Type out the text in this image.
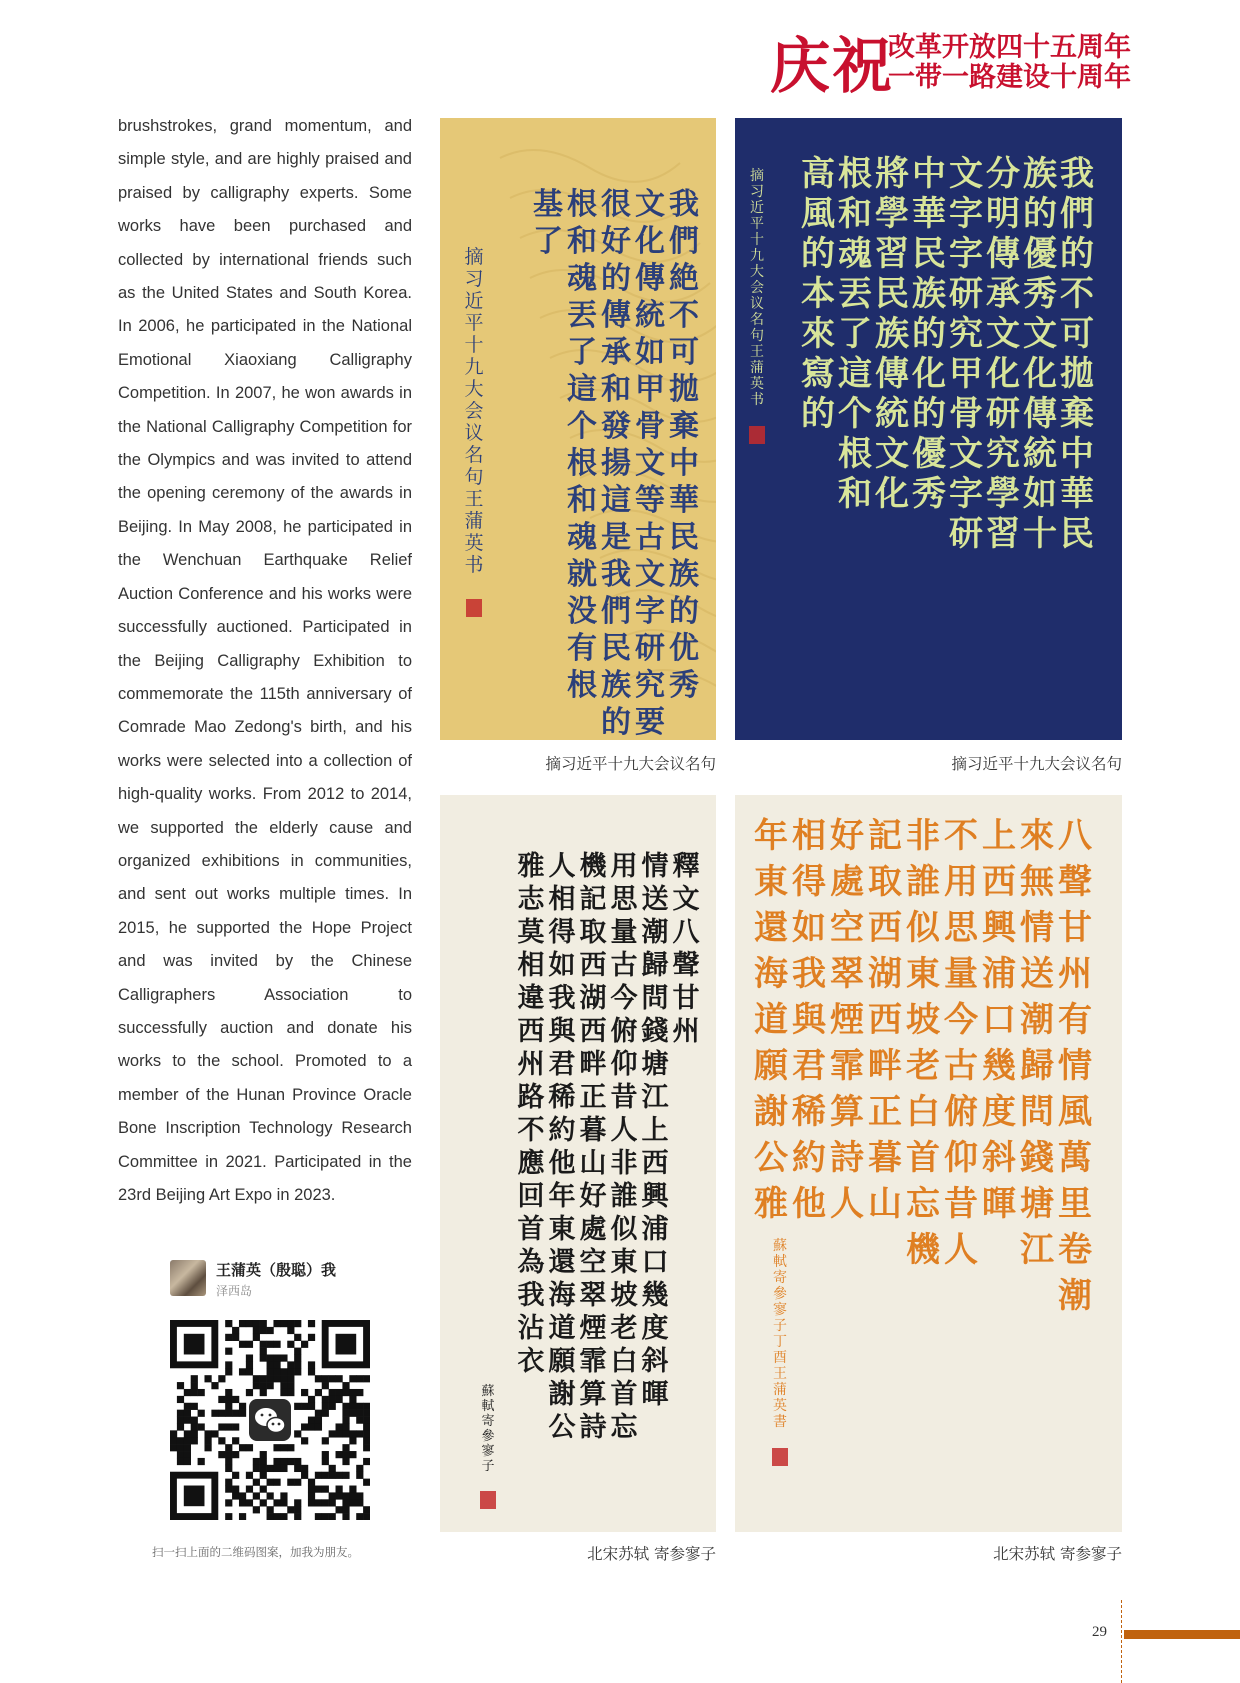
庆祝
改革开放四十五周年
一带一路建设十周年
brushstrokes, grand momentum, and simple style, and are highly praised and praised by calligraphy experts. Some works have been purchased and collected by international friends such as the United States and South Korea. In 2006, he participated in the National Emotional Xiaoxiang Calligraphy Competition. In 2007, he won awards in the National Calligraphy Competition for the Olympics and was invited to attend the opening ceremony of the awards in Beijing. In May 2008, he participated in the Wenchuan Earthquake Relief Auction Conference and his works were successfully auctioned. Participated in the Beijing Calligraphy Exhibition to commemorate the 115th anniversary of Comrade Mao Zedong's birth, and his works were selected into a collection of high-quality works. From 2012 to 2014, we supported the elderly cause and organized exhibitions in communities, and sent out works multiple times. In 2015, he supported the Hope Project and was invited by the Chinese Calligraphers Association to successfully auction and donate his works to the school. Promoted to a member of the Hunan Province Oracle Bone Inscription Technology Research Committee in 2021. Participated in the 23rd Beijing Art Expo in 2023.
王蒲英（殷聪）我
泽西岛
扫一扫上面的二维码图案，加我为朋友。
我
們
絶
不
可
拋
棄
中
華
民
族
的
优
秀
文
化
傳
統
如
甲
骨
文
等
古
文
字
研
究
要
很
好
的
傳
承
和
發
揚
這
是
我
們
民
族
的
根
和
魂
丟
了
這
个
根
和
魂
就
没
有
根
基
了
摘
习
近
平
十
九
大
会
议
名
句
王
蒲
英
书
我
們
的
不
可
拋
棄
中
華
民
族
的
優
秀
文
化
傳
統
如
十
分
明
傳
承
文
化
研
究
學
習
文
字
字
研
究
甲
骨
文
字
研
中
華
民
族
的
化
的
優
秀
將
學
習
民
族
傳
統
文
化
根
和
魂
丟
了
這
个
根
和
高
風
的
本
來
寫
的
摘
习
近
平
十
九
大
会
议
名
句
王
蒲
英
书
釋
文
八
聲
甘
州
情
送
潮
歸
問
錢
塘
江
上
西
興
浦
口
幾
度
斜
暉
用
思
量
古
今
俯
仰
昔
人
非
誰
似
東
坡
老
白
首
忘
機
記
取
西
湖
西
畔
正
暮
山
好
處
空
翠
煙
霏
算
詩
人
相
得
如
我
與
君
稀
約
他
年
東
還
海
道
願
謝
公
雅
志
莫
相
違
西
州
路
不
應
回
首
為
我
沾
衣
蘇
軾
寄
參
寥
子
八
聲
甘
州
有
情
風
萬
里
卷
潮
來
無
情
送
潮
歸
問
錢
塘
江
上
西
興
浦
口
幾
度
斜
暉
不
用
思
量
今
古
俯
仰
昔
人
非
誰
似
東
坡
老
白
首
忘
機
記
取
西
湖
西
畔
正
暮
山
好
處
空
翠
煙
霏
算
詩
人
相
得
如
我
與
君
稀
約
他
年
東
還
海
道
願
謝
公
雅
蘇
軾
寄
參
寥
子
丁
酉
王
蒲
英
書
摘习近平十九大会议名句	摘习近平十九大会议名句
北宋苏轼 寄参寥子	北宋苏轼 寄参寥子
29
